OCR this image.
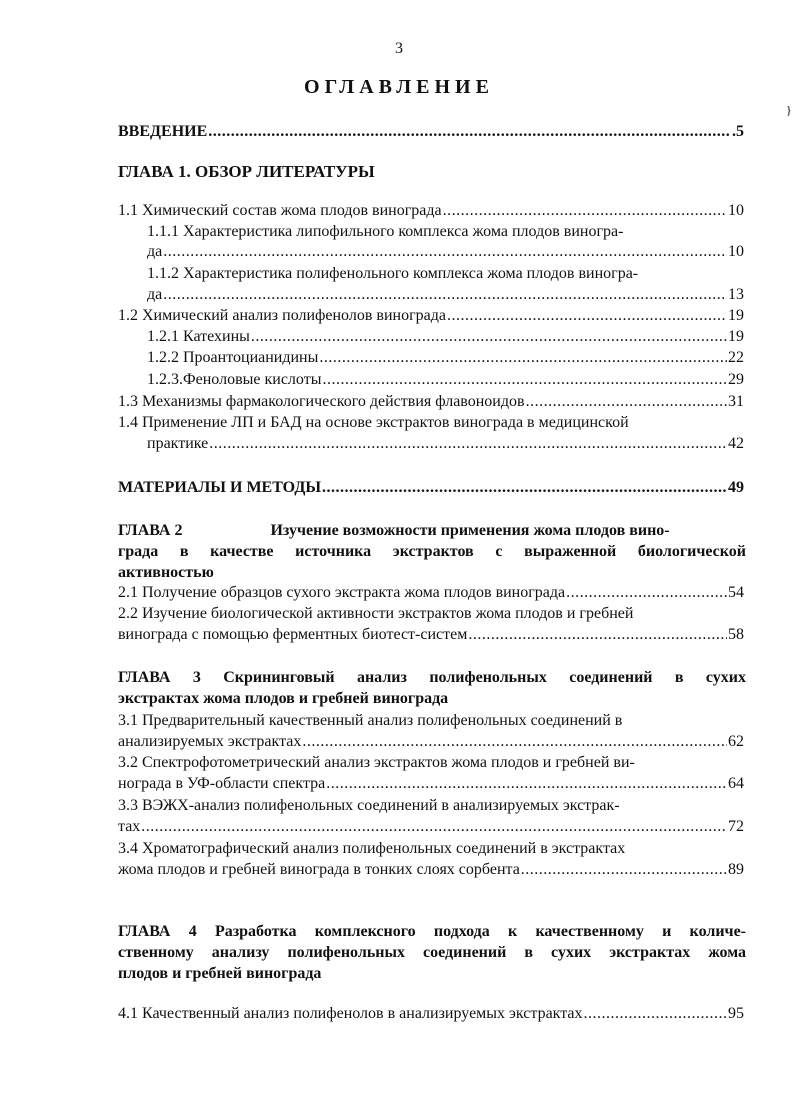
3
ОГЛАВЛЕНИЕ
}
ВВЕДЕНИЕ .....	.5
ГЛАВА 1. ОБЗОР ЛИТЕРАТУРЫ
1.1 Химический состав жома плодов винограда .....	10
1.1.1 Характеристика липофильного комплекса жома плодов виногра-
да .....	10
1.1.2 Характеристика полифенольного комплекса жома плодов виногра-
да .....	13
1.2 Химический анализ полифенолов винограда .....	19
1.2.1 Катехины .....	19
1.2.2 Проантоцианидины .....	22
1.2.3.Феноловые кислоты .....	29
1.3 Механизмы фармакологического действия флавоноидов .....	31
1.4 Применение ЛП и БАД на основе экстрактов винограда в медицинской
практике .....	42
МАТЕРИАЛЫ И МЕТОДЫ .....	49
ГЛАВА 2	Изучение возможности применения жома плодов вино-
града в качестве источника экстрактов с выраженной биологической
активностью
2.1 Получение образцов сухого экстракта жома плодов винограда .....	54
2.2 Изучение биологической активности экстрактов жома плодов и гребней
винограда с помощью ферментных биотест-систем .....	58
ГЛАВА 3 Скрининговый анализ полифенольных соединений в сухих
экстрактах жома плодов и гребней винограда
3.1 Предварительный качественный анализ полифенольных соединений в
анализируемых экстрактах .....	62
3.2 Спектрофотометрический анализ экстрактов жома плодов и гребней ви-
нограда в УФ-области спектра .....	64
3.3 ВЭЖХ-анализ полифенольных соединений в анализируемых экстрак-
тах .....	72
3.4 Хроматографический анализ полифенольных соединений в экстрактах
жома плодов и гребней винограда в тонких слоях сорбента .....	89
ГЛАВА 4 Разработка комплексного подхода к качественному и количе-
ственному анализу полифенольных соединений в сухих экстрактах жома
плодов и гребней винограда
4.1 Качественный анализ полифенолов в анализируемых экстрактах .....	95
